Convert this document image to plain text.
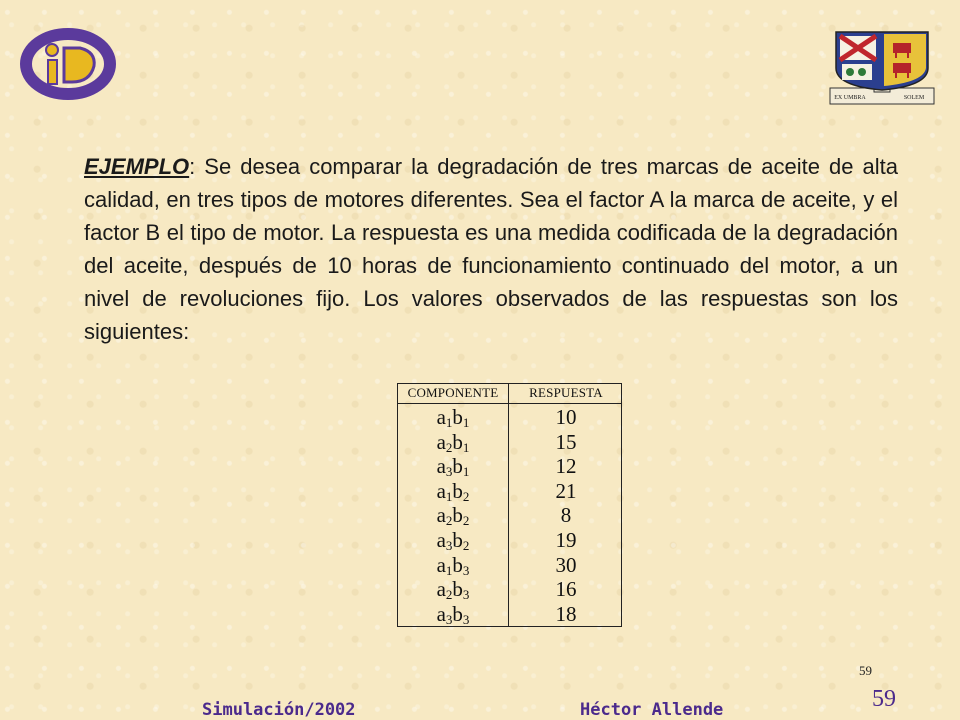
EX UMBRA	SOLEM
EJEMPLO: Se desea comparar la degradación de tres marcas de aceite de alta calidad, en tres tipos de motores diferentes. Sea el factor A la marca de aceite, y el factor B el tipo de motor. La respuesta es una medida codificada de la degradación del aceite, después de 10 horas de funcionamiento continuado del motor, a un nivel de revoluciones fijo. Los valores observados de las respuestas son los siguientes:
COMPONENTE	RESPUESTA
$a_1b_1$	10
$a_2b_1$	15
$a_3b_1$	12
$a_1b_2$	21
$a_2b_2$	8
$a_3b_2$	19
$a_1b_3$	30
$a_2b_3$	16
$a_3b_3$	18
59
59
Simulación/2002	Héctor Allende
